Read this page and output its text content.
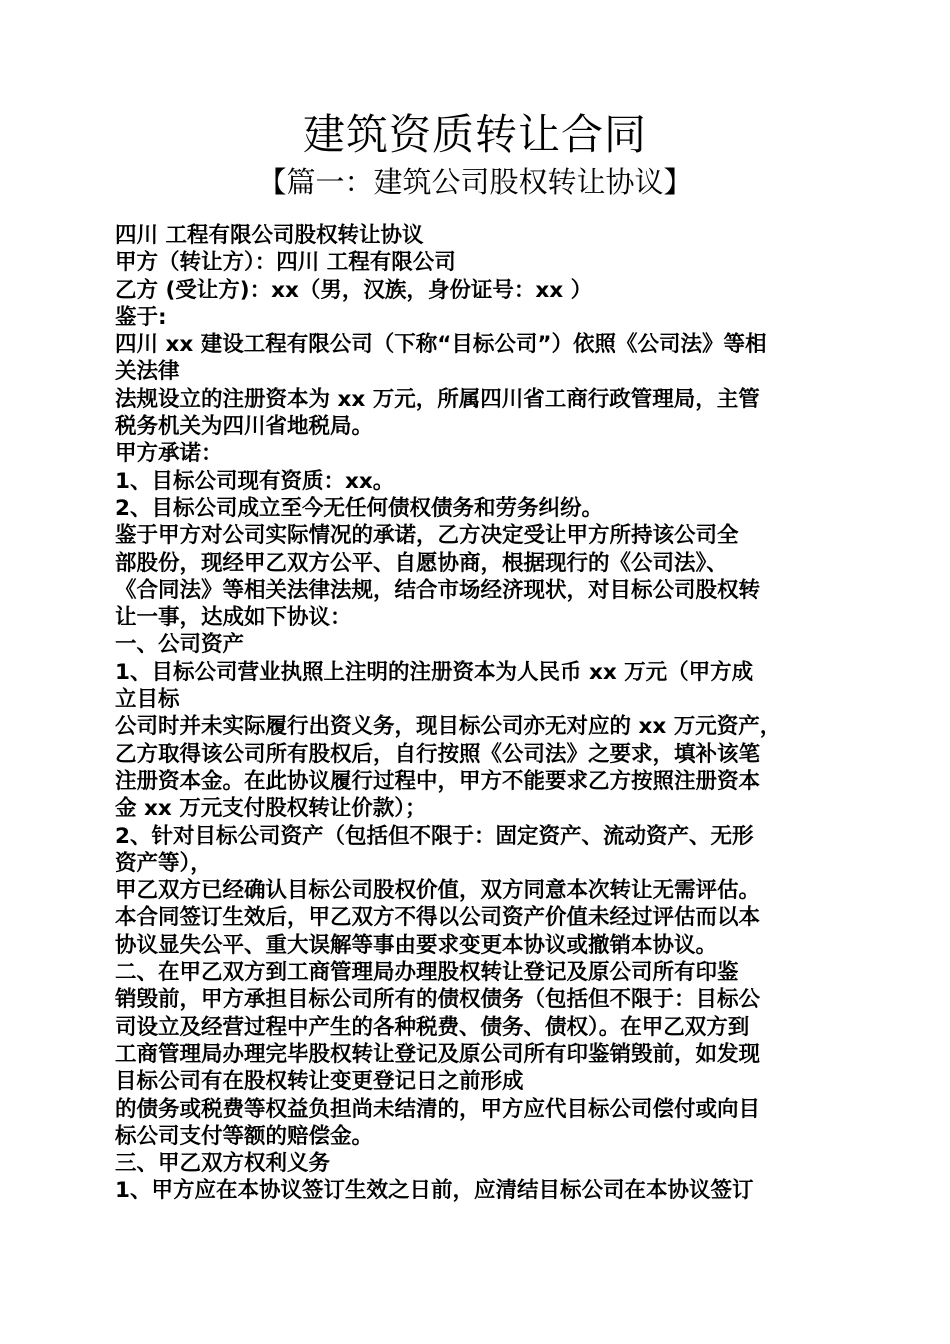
建筑资质转让合同
【篇一：建筑公司股权转让协议】
四川 工程有限公司股权转让协议
甲方（转让方）：四川 工程有限公司
乙方 (受让方)：xx（男，汉族，身份证号：xx ）
鉴于:
四川 xx 建设工程有限公司（下称“目标公司”）依照《公司法》等相
关法律
法规设立的注册资本为 xx 万元，所属四川省工商行政管理局，主管
税务机关为四川省地税局。
甲方承诺：
1、目标公司现有资质：xx。
2、目标公司成立至今无任何债权债务和劳务纠纷。
鉴于甲方对公司实际情况的承诺，乙方决定受让甲方所持该公司全
部股份，现经甲乙双方公平、自愿协商，根据现行的《公司法》、
《合同法》等相关法律法规，结合市场经济现状，对目标公司股权转
让一事，达成如下协议：
一、公司资产
1、目标公司营业执照上注明的注册资本为人民币 xx 万元（甲方成
立目标
公司时并未实际履行出资义务，现目标公司亦无对应的 xx 万元资产，
乙方取得该公司所有股权后，自行按照《公司法》之要求，填补该笔
注册资本金。在此协议履行过程中，甲方不能要求乙方按照注册资本
金 xx 万元支付股权转让价款）；
2、针对目标公司资产（包括但不限于：固定资产、流动资产、无形
资产等），
甲乙双方已经确认目标公司股权价值，双方同意本次转让无需评估。
本合同签订生效后，甲乙双方不得以公司资产价值未经过评估而以本
协议显失公平、重大误解等事由要求变更本协议或撤销本协议。
二、在甲乙双方到工商管理局办理股权转让登记及原公司所有印鉴
销毁前，甲方承担目标公司所有的债权债务（包括但不限于：目标公
司设立及经营过程中产生的各种税费、债务、债权）。在甲乙双方到
工商管理局办理完毕股权转让登记及原公司所有印鉴销毁前，如发现
目标公司有在股权转让变更登记日之前形成
的债务或税费等权益负担尚未结清的，甲方应代目标公司偿付或向目
标公司支付等额的赔偿金。
三、甲乙双方权利义务
1、甲方应在本协议签订生效之日前，应清结目标公司在本协议签订
